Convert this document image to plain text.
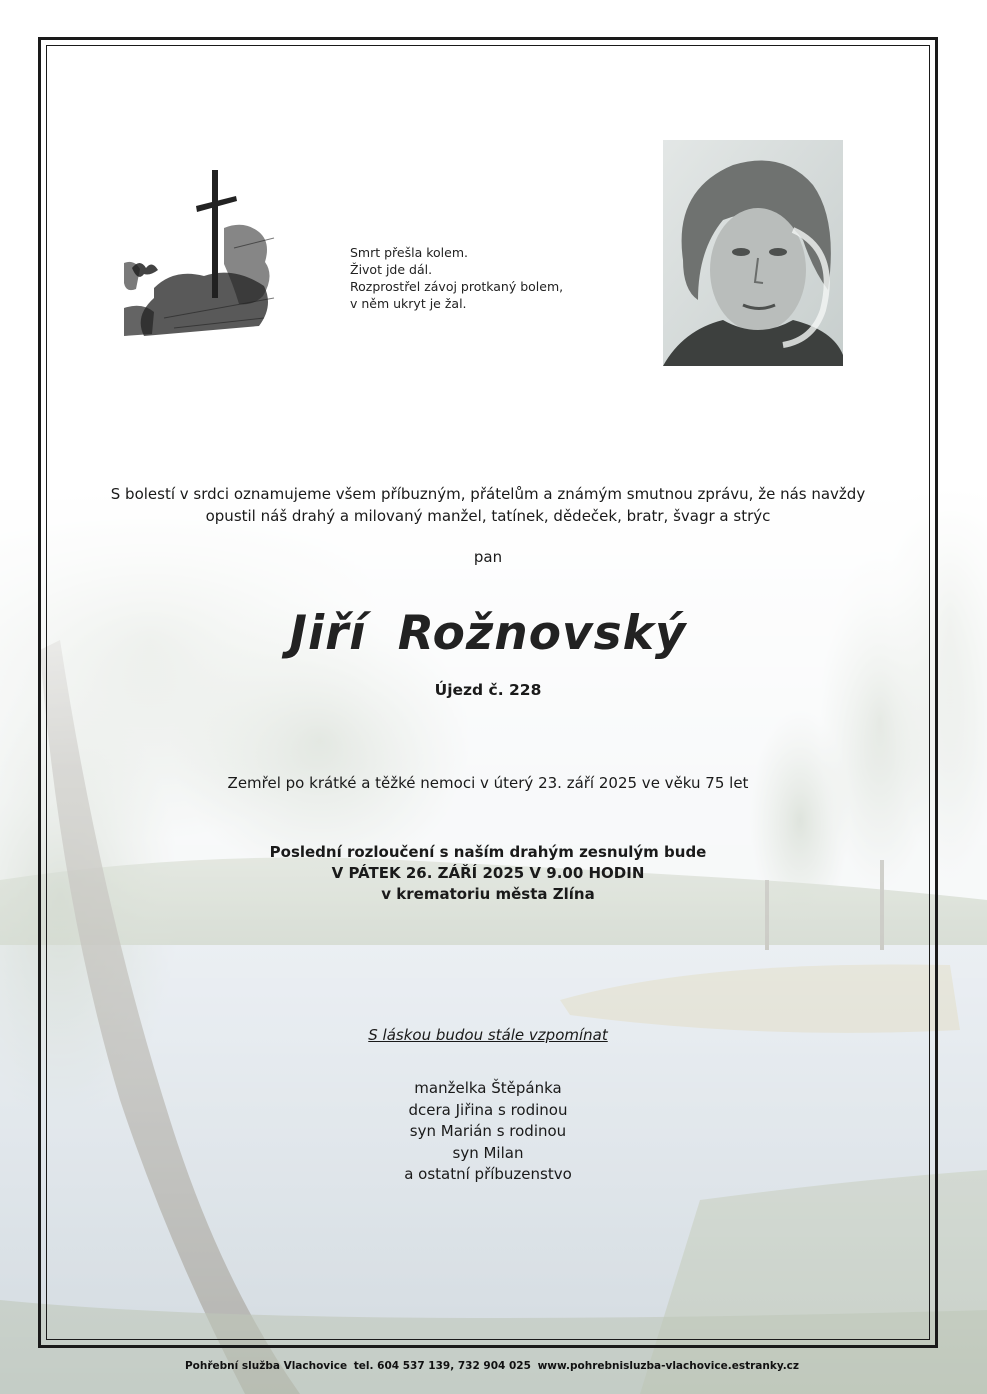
Smrt přešla kolem.
Život jde dál.
Rozprostřel závoj protkaný bolem,
v něm ukryt je žal.
S bolestí v srdci oznamujeme všem příbuzným, přátelům a známým smutnou zprávu, že nás navždy
opustil náš drahý a milovaný manžel, tatínek, dědeček, bratr, švagr a strýc
pan
Jiří Rožnovský
Újezd č. 228
Zemřel po krátké a těžké nemoci v úterý 23. září 2025 ve věku 75 let
Poslední rozloučení s naším drahým zesnulým bude
V PÁTEK 26. ZÁŘÍ 2025 V 9.00 HODIN
v krematoriu města Zlína
S láskou budou stále vzpomínat
manželka Štěpánka
dcera Jiřina s rodinou
syn Marián s rodinou
syn Milan
a ostatní příbuzenstvo
Pohřební služba Vlachovice tel. 604 537 139, 732 904 025 www.pohrebnisluzba-vlachovice.estranky.cz
